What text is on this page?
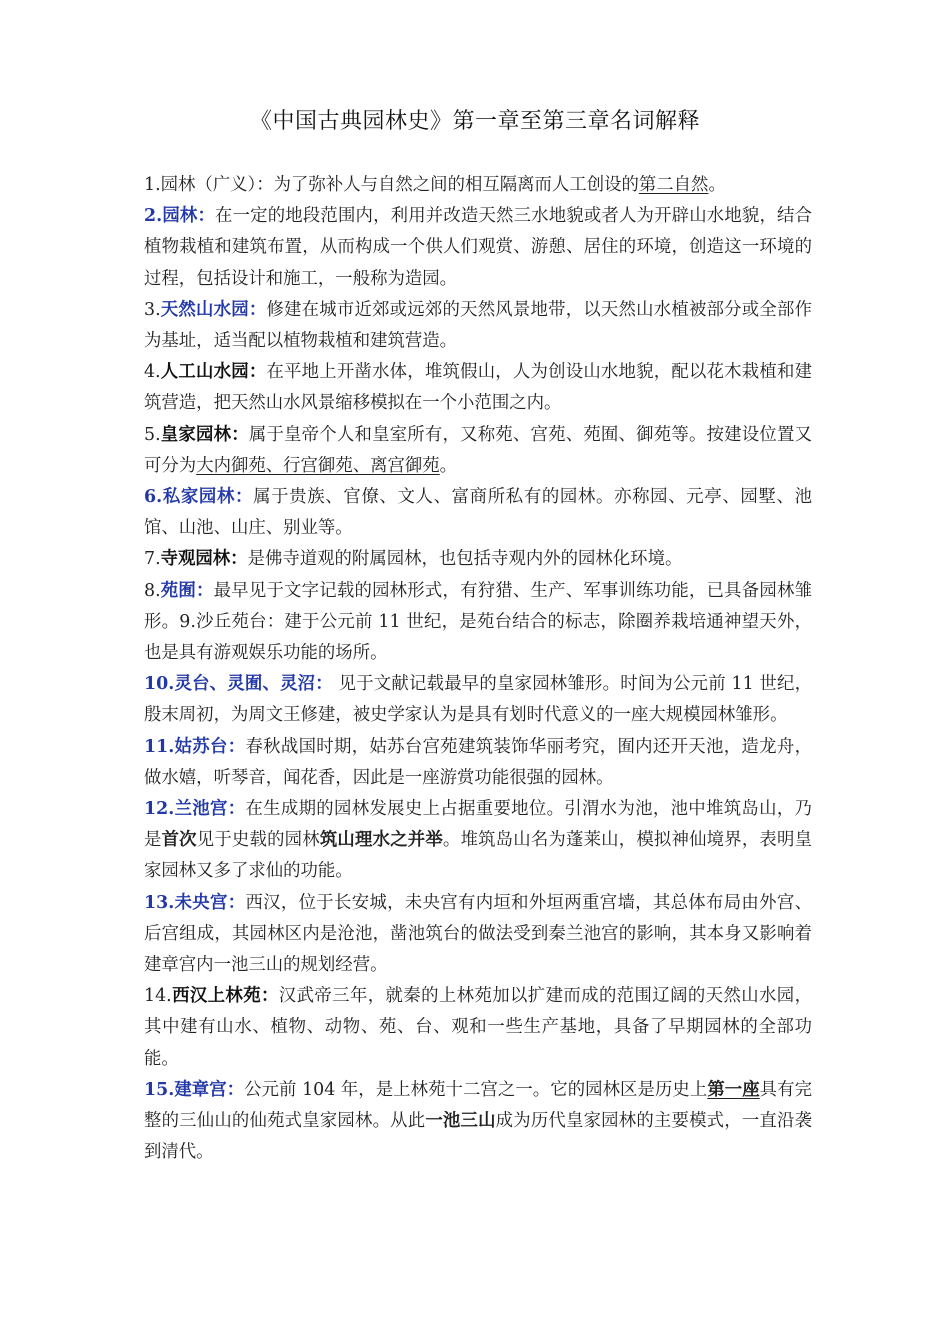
《中国古典园林史》第一章至第三章名词解释

1.园林（广义）：为了弥补人与自然之间的相互隔离而人工创设的第二自然。

2.园林：在一定的地段范围内，利用并改造天然三水地貌或者人为开辟山水地貌，结合植物栽植和建筑布置，从而构成一个供人们观赏、游憩、居住的环境，创造这一环境的过程，包括设计和施工，一般称为造园。

3.天然山水园：修建在城市近郊或远郊的天然风景地带，以天然山水植被部分或全部作为基址，适当配以植物栽植和建筑营造。

4.人工山水园：在平地上开凿水体，堆筑假山，人为创设山水地貌，配以花木栽植和建筑营造，把天然山水风景缩移模拟在一个小范围之内。

5.皇家园林：属于皇帝个人和皇室所有，又称苑、宫苑、苑囿、御苑等。按建设位置又可分为大内御苑、行宫御苑、离宫御苑。

6.私家园林：属于贵族、官僚、文人、富商所私有的园林。亦称园、元亭、园墅、池馆、山池、山庄、别业等。

7.寺观园林：是佛寺道观的附属园林，也包括寺观内外的园林化环境。

8.苑囿：最早见于文字记载的园林形式，有狩猎、生产、军事训练功能，已具备园林雏形。9.沙丘苑台：建于公元前 11 世纪，是苑台结合的标志，除圈养栽培通神望天外，也是具有游观娱乐功能的场所。

10.灵台、灵囿、灵沼： 见于文献记载最早的皇家园林雏形。时间为公元前 11 世纪，殷末周初，为周文王修建，被史学家认为是具有划时代意义的一座大规模园林雏形。

11.姑苏台：春秋战国时期，姑苏台宫苑建筑装饰华丽考究，囿内还开天池，造龙舟，做水嬉，听琴音，闻花香，因此是一座游赏功能很强的园林。

12.兰池宫：在生成期的园林发展史上占据重要地位。引渭水为池，池中堆筑岛山，乃是首次见于史载的园林筑山理水之并举。堆筑岛山名为蓬莱山，模拟神仙境界，表明皇家园林又多了求仙的功能。

13.未央宫：西汉，位于长安城，未央宫有内垣和外垣两重宫墙，其总体布局由外宫、后宫组成，其园林区内是沧池，凿池筑台的做法受到秦兰池宫的影响，其本身又影响着建章宫内一池三山的规划经营。

14.西汉上林苑：汉武帝三年，就秦的上林苑加以扩建而成的范围辽阔的天然山水园，其中建有山水、植物、动物、苑、台、观和一些生产基地，具备了早期园林的全部功能。

15.建章宫：公元前 104 年，是上林苑十二宫之一。它的园林区是历史上第一座具有完整的三仙山的仙苑式皇家园林。从此一池三山成为历代皇家园林的主要模式，一直沿袭到清代。
